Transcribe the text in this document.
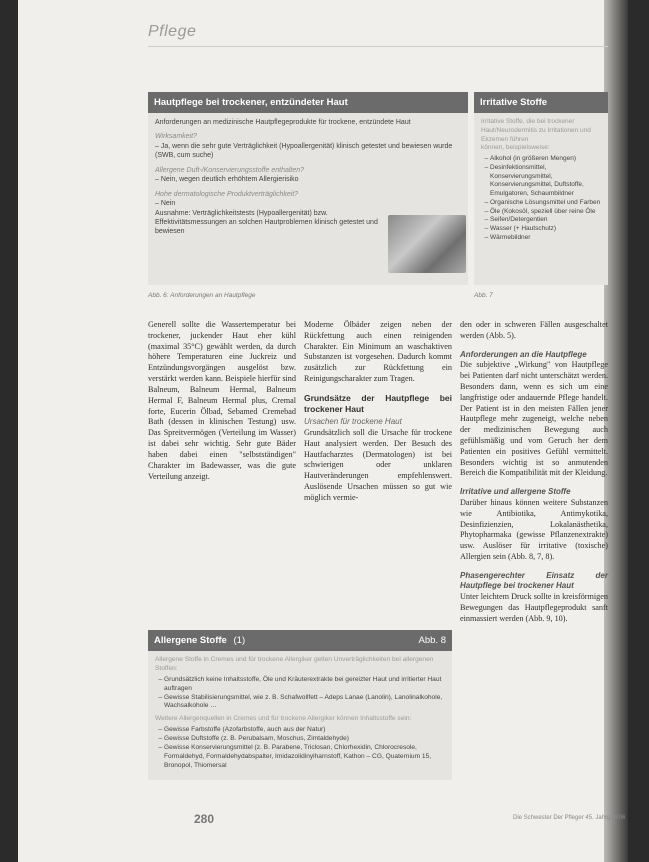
Pflege
Hautpflege bei trockener, entzündeter Haut
Anforderungen an medizinische Hautpflegeprodukte für trockene, entzündete Haut
Wirksamkeit?
– Ja, wenn die sehr gute Verträglichkeit (Hypoallergenität) klinisch getestet und bewiesen wurde (SWB, cum suche)
Allergene Duft-/Konservierungsstoffe enthalten?
– Nein, wegen deutlich erhöhtem Allergierisiko
Hohe dermatologische Produktverträglichkeit?
– Nein
Ausnahme: Verträglichkeitstests (Hypoallergenität) bzw. Effektivitätsmessungen an solchen Hautproblemen klinisch getestet und bewiesen
Abb. 6: Anforderungen an Hautpflege
Irritative Stoffe
Irritative Stoffe, die bei trockener Haut/Neurodermitis zu Irritationen und Ekzemen führen
können, beispielsweise:
– Alkohol (in größeren Mengen)
– Desinfektionsmittel, Konservierungsmittel, Konservierungsmittel, Duftstoffe, Emulgatoren, Schaumbildner
– Organische Lösungsmittel und Farben
– Öle (Kokosöl, speziell über reine Öle
– Seifen/Detergentien
– Wasser (+ Hautschutz)
– Wärmebildner
Abb. 7
Generell sollte die Wassertemperatur bei trockener, juckender Haut eher kühl (maximal 35°C) gewählt werden, da durch höhere Temperaturen eine Juckreiz und Entzündungsvorgängen ausgelöst bzw. verstärkt werden kann. Beispiele hierfür sind Balneum, Balneum Hermal, Balneum Hermal F, Balneum Hermal plus, Cremal forte, Eucerin Ölbad, Sebamed Cremebad Bath (dessen in klinischen Testung) usw. Das Spreitvermögen (Verteilung im Wasser) ist dabei sehr wichtig. Sehr gute Bäder haben dabei einen "selbstständigen" Charakter im Badewasser, was die gute Verteilung anzeigt.
Moderne Ölbäder zeigen neben der Rückfettung auch einen reinigenden Charakter. Ein Minimum an waschaktiven Substanzen ist vorgesehen. Dadurch kommt zusätzlich zur Rückfettung ein Reinigungscharakter zum Tragen.
Grundsätze der Hautpflege bei trockener Haut
Ursachen für trockene Haut
Grundsätzlich soll die Ursache für trockene Haut analysiert werden. Der Besuch des Hautfacharztes (Dermatologen) ist bei schwierigen oder unklaren Hautveränderungen empfehlenswert. Auslösende Ursachen müssen so gut wie möglich vermie-
den oder in schweren Fällen ausgeschaltet werden (Abb. 5).
Anforderungen an die Hautpflege
Die subjektive „Wirkung" von Hautpflege bei Patienten darf nicht unterschätzt werden. Besonders dann, wenn es sich um eine langfristige oder andauernde Pflege handelt. Der Patient ist in den meisten Fällen jener Hautpflege mehr zugeneigt, welche neben der medizinischen Bewegung auch gefühlsmäßig und vom Geruch her dem Patienten ein positives Gefühl vermittelt. Besonders wichtig ist so anmutenden Bereich die Kompatibilität mit der Kleidung.
Irritative und allergene Stoffe
Darüber hinaus können weitere Substanzen wie Antibiotika, Antimykotika, Desinfizienzien, Lokalanästhetika, Phytopharmaka (gewisse Pflanzenextrakte) usw. Auslöser für irritative (toxische) Allergien sein (Abb. 8, 7, 8).
Phasengerechter Einsatz der Hautpflege bei trockener Haut
Unter leichtem Druck sollte in kreisförmigen Bewegungen das Hautpflegeprodukt sanft einmassiert werden (Abb. 9, 10).
Allergene Stoffe (1)	Abb. 8
Allergene Stoffe in Cremes und für trockene Allergiker gelten Unverträglichkeiten bei allergenen Stoffen:
– Grundsätzlich keine Inhaltsstoffe, Öle und Kräuterextrakte bei gereizter Haut und irritierter Haut auftragen
– Gewisse Stabilisierungsmittel, wie z. B. Schafwollfett – Adeps Lanae (Lanolin), Lanolinalkohole, Wachsalkohole …
Weitere Allergenquellen in Cremes und für trockene Allergiker können Inhaltsstoffe sein:
– Gewisse Farbstoffe (Azofarbstoffe, auch aus der Natur)
– Gewisse Duftstoffe (z. B. Perubalsam, Moschus, Zimtaldehyde)
– Gewisse Konservierungsmittel (z. B. Parabene, Triclosan, Chlorhexidin, Chlorocresole, Formaldehyd, Formaldehydabspalter, Imidazolidinylharnstoff, Kathon – CG, Quaternium 15, Bronopol, Thiomersal
280	Die Schwester Der Pfleger 45. Jahrg. 4/06
